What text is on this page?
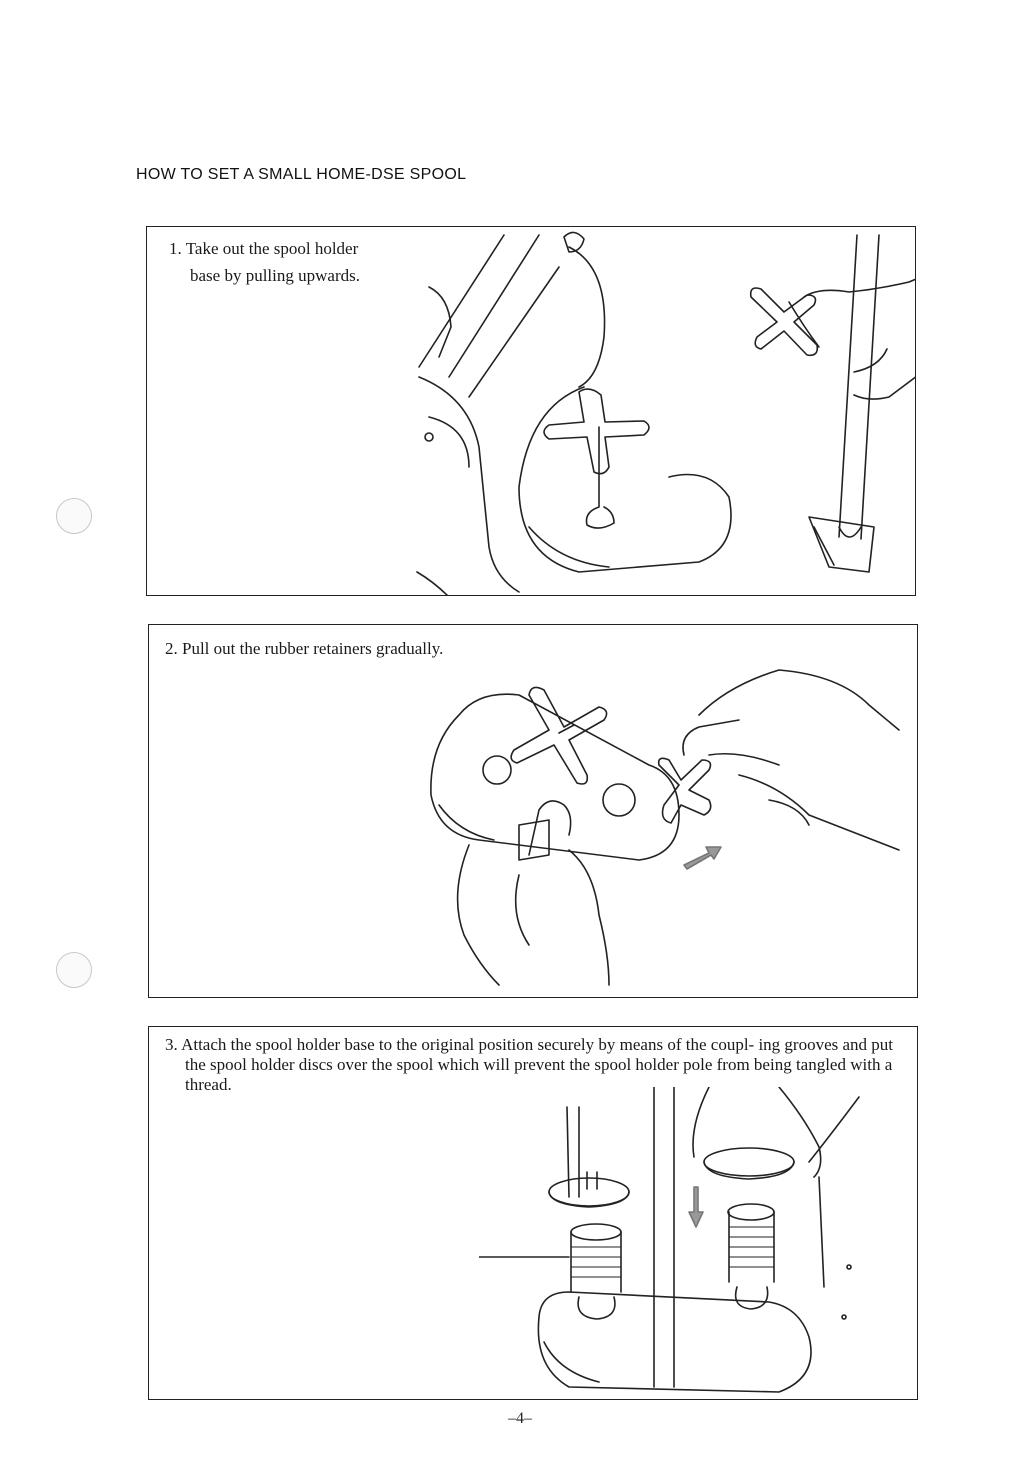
HOW TO SET A SMALL HOME-DSE SPOOL
1. Take out the spool holder
base by pulling upwards.
2. Pull out the rubber retainers gradually.
3. Attach the spool holder base to the original position securely by means of the coupl- ing grooves and put the spool holder discs over the spool which will prevent the spool holder pole from being tangled with a thread.
–4–
